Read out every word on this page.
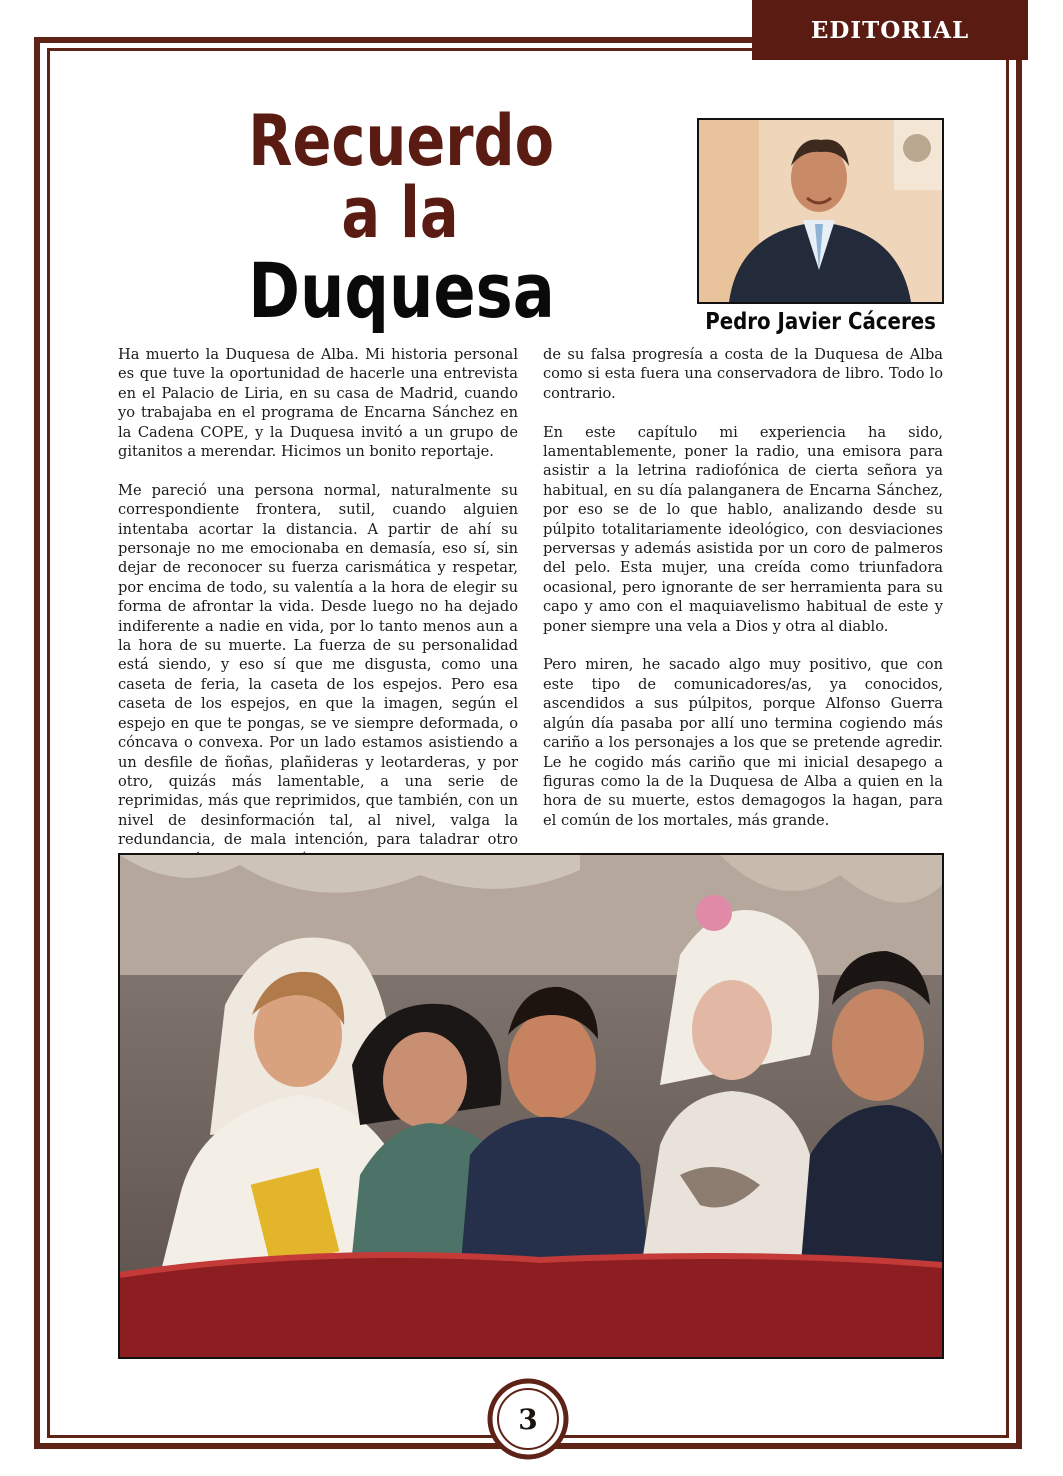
EDITORIAL
Recuerdo
a la
Duquesa	Pedro Javier Cáceres

Ha muerto la Duquesa de Alba. Mi historia personal es que tuve la oportunidad de hacerle una entrevista en el Palacio de Liria, en su casa de Madrid, cuando yo trabajaba en el programa de Encarna Sánchez en la Cadena COPE, y la Duquesa invitó a un grupo de gitanitos a merendar. Hicimos un bonito reportaje.

Me pareció una persona normal, naturalmente su correspondiente frontera, sutil, cuando alguien intentaba acortar la distancia. A partir de ahí su personaje no me emocionaba en demasía, eso sí, sin dejar de reconocer su fuerza carismática y respetar, por encima de todo, su valentía a la hora de elegir su forma de afrontar la vida. Desde luego no ha dejado indiferente a nadie en vida, por lo tanto menos aun a la hora de su muerte. La fuerza de su personalidad está siendo, y eso sí que me disgusta, como una caseta de feria, la caseta de los espejos. Pero esa caseta de los espejos, en que la imagen, según el espejo en que te pongas, se ve siempre deformada, o cóncava o convexa. Por un lado estamos asistiendo a un desfile de ñoñas, plañideras y leotarderas, y por otro, quizás más lamentable, a una serie de reprimidas, más que reprimidos, que también, con un nivel de desinformación tal, al nivel, valga la redundancia, de mala intención, para taladrar otro

de su falsa progresía a costa de la Duquesa de Alba como si esta fuera una conservadora de libro. Todo lo contrario.

En este capítulo mi experiencia ha sido, lamentablemente, poner la radio, una emisora para asistir a la letrina radiofónica de cierta señora ya habitual, en su día palanganera de Encarna Sánchez, por eso se de lo que hablo, analizando desde su púlpito totalitariamente ideológico, con desviaciones perversas y además asistida por un coro de palmeros del pelo. Esta mujer, una creída como triunfadora ocasional, pero ignorante de ser herramienta para su capo y amo con el maquiavelismo habitual de este y poner siempre una vela a Dios y otra al diablo.

Pero miren, he sacado algo muy positivo, que con este tipo de comunicadores/as, ya conocidos, ascendidos a sus púlpitos, porque Alfonso Guerra algún día pasaba por allí uno termina cogiendo más cariño a los personajes a los que se pretende agredir. Le he cogido más cariño que mi inicial desapego a figuras como la de la Duquesa de Alba a quien en la hora de su muerte, estos demagogos la hagan, para el común de los mortales, más grande.

3
